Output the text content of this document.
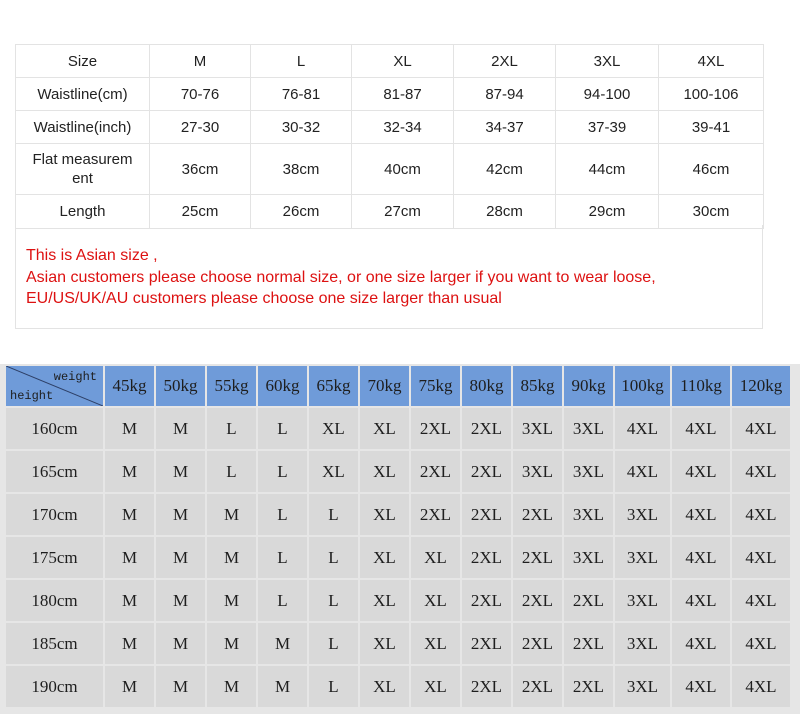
Size	M	L	XL	2XL	3XL	4XL
Waistline(cm)	70-76	76-81	81-87	87-94	94-100	100-106
Waistline(inch)	27-30	30-32	32-34	34-37	37-39	39-41
Flat measurem
ent	36cm	38cm	40cm	42cm	44cm	46cm
Length	25cm	26cm	27cm	28cm	29cm	30cm
This is Asian size ,
Asian customers please choose normal size, or one size larger if you want to wear loose,
EU/US/UK/AU customers please choose one size larger than usual
weight
height	45kg	50kg	55kg	60kg	65kg	70kg	75kg	80kg	85kg	90kg	100kg	110kg	120kg
160cm	M	M	L	L	XL	XL	2XL	2XL	3XL	3XL	4XL	4XL	4XL
165cm	M	M	L	L	XL	XL	2XL	2XL	3XL	3XL	4XL	4XL	4XL
170cm	M	M	M	L	L	XL	2XL	2XL	2XL	3XL	3XL	4XL	4XL
175cm	M	M	M	L	L	XL	XL	2XL	2XL	3XL	3XL	4XL	4XL
180cm	M	M	M	L	L	XL	XL	2XL	2XL	2XL	3XL	4XL	4XL
185cm	M	M	M	M	L	XL	XL	2XL	2XL	2XL	3XL	4XL	4XL
190cm	M	M	M	M	L	XL	XL	2XL	2XL	2XL	3XL	4XL	4XL
